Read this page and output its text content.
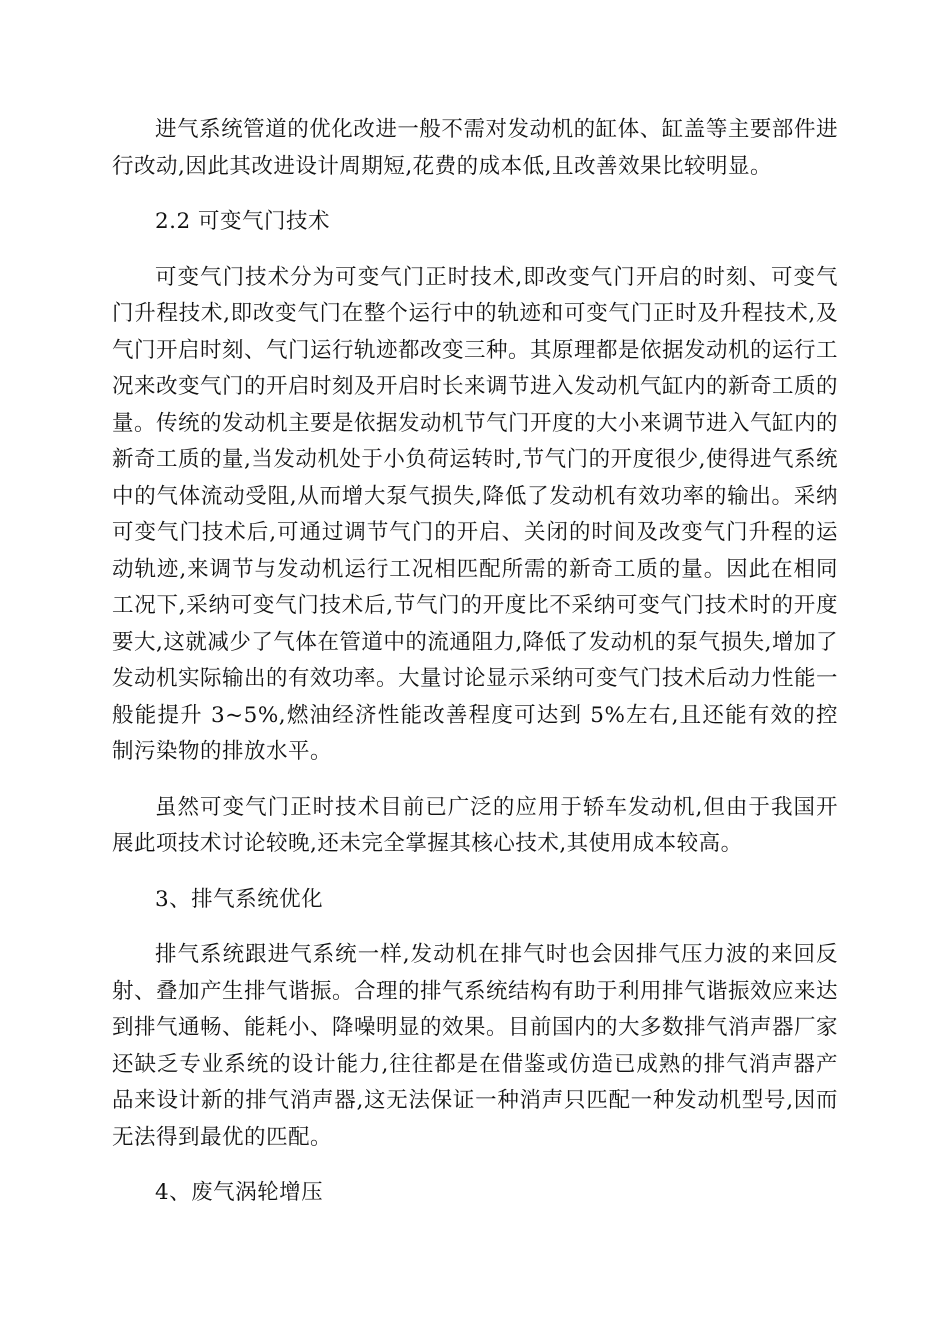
进气系统管道的优化改进一般不需对发动机的缸体、缸盖等主要部件进行改动,因此其改进设计周期短,花费的成本低,且改善效果比较明显。

2.2 可变气门技术

可变气门技术分为可变气门正时技术,即改变气门开启的时刻、可变气门升程技术,即改变气门在整个运行中的轨迹和可变气门正时及升程技术,及气门开启时刻、气门运行轨迹都改变三种。其原理都是依据发动机的运行工况来改变气门的开启时刻及开启时长来调节进入发动机气缸内的新奇工质的量。传统的发动机主要是依据发动机节气门开度的大小来调节进入气缸内的新奇工质的量,当发动机处于小负荷运转时,节气门的开度很少,使得进气系统中的气体流动受阻,从而增大泵气损失,降低了发动机有效功率的输出。采纳可变气门技术后,可通过调节气门的开启、关闭的时间及改变气门升程的运动轨迹,来调节与发动机运行工况相匹配所需的新奇工质的量。因此在相同工况下,采纳可变气门技术后,节气门的开度比不采纳可变气门技术时的开度要大,这就减少了气体在管道中的流通阻力,降低了发动机的泵气损失,增加了发动机实际输出的有效功率。大量讨论显示采纳可变气门技术后动力性能一般能提升 3~5%,燃油经济性能改善程度可达到 5%左右,且还能有效的控制污染物的排放水平。

虽然可变气门正时技术目前已广泛的应用于轿车发动机,但由于我国开展此项技术讨论较晚,还未完全掌握其核心技术,其使用成本较高。

3、排气系统优化

排气系统跟进气系统一样,发动机在排气时也会因排气压力波的来回反射、叠加产生排气谐振。合理的排气系统结构有助于利用排气谐振效应来达到排气通畅、能耗小、降噪明显的效果。目前国内的大多数排气消声器厂家还缺乏专业系统的设计能力,往往都是在借鉴或仿造已成熟的排气消声器产品来设计新的排气消声器,这无法保证一种消声只匹配一种发动机型号,因而无法得到最优的匹配。

4、废气涡轮增压
